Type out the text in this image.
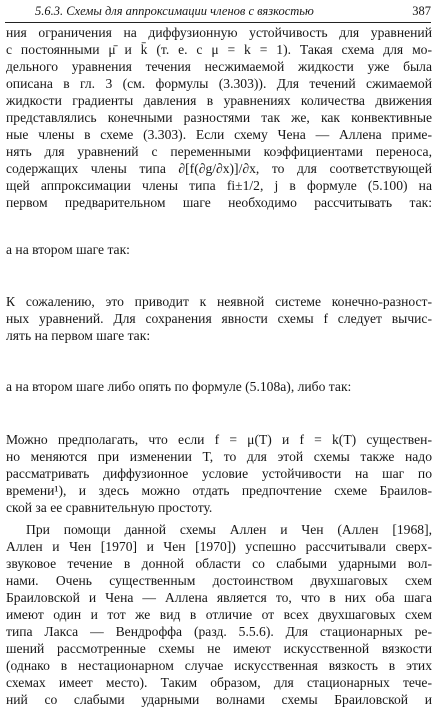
5.6.3. Схемы для аппроксимации членов с вязкостью	387
ния ограничения на диффузионную устойчивость для уравнений
с постоянными μ̄ и k̄ (т. е. с μ = k = 1). Такая схема для мо-
дельного уравнения течения несжимаемой жидкости уже была
описана в гл. 3 (см. формулы (3.303)). Для течений сжимаемой
жидкости градиенты давления в уравнениях количества движения
представлялись конечными разностями так же, как конвективные
ные члены в схеме (3.303). Если схему Чена — Аллена приме-
нять для уравнений с переменными коэффициентами переноса,
содержащих члены типа ∂[f(∂g/∂x)]/∂x, то для соответствующей
щей аппроксимации члены типа fi±1/2, j в формуле (5.100) на
первом предварительном шаге необходимо рассчитывать так:
а на втором шаге так:
К сожалению, это приводит к неявной системе конечно-разност-
ных уравнений. Для сохранения явности схемы f следует вычис-
лять на первом шаге так:
а на втором шаге либо опять по формуле (5.108а), либо так:
Можно предполагать, что если f = μ(T) и f = k(T) существен-
но меняются при изменении T, то для этой схемы также надо
рассматривать диффузионное условие устойчивости на шаг по
времени¹), и здесь можно отдать предпочтение схеме Браилов-
ской за ее сравнительную простоту.
При помощи данной схемы Аллен и Чен (Аллен [1968],
Аллен и Чен [1970] и Чен [1970]) успешно рассчитывали сверх-
звуковое течение в донной области со слабыми ударными вол-
нами. Очень существенным достоинством двухшаговых схем
Браиловской и Чена — Аллена является то, что в них оба шага
имеют один и тот же вид в отличие от всех двухшаговых схем
типа Лакса — Вендроффа (разд. 5.5.6). Для стационарных ре-
шений рассмотренные схемы не имеют искусственной вязкости
(однако в нестационарном случае искусственная вязкость в этих
схемах имеет место). Таким образом, для стационарных тече-
ний со слабыми ударными волнами схемы Браиловской и
